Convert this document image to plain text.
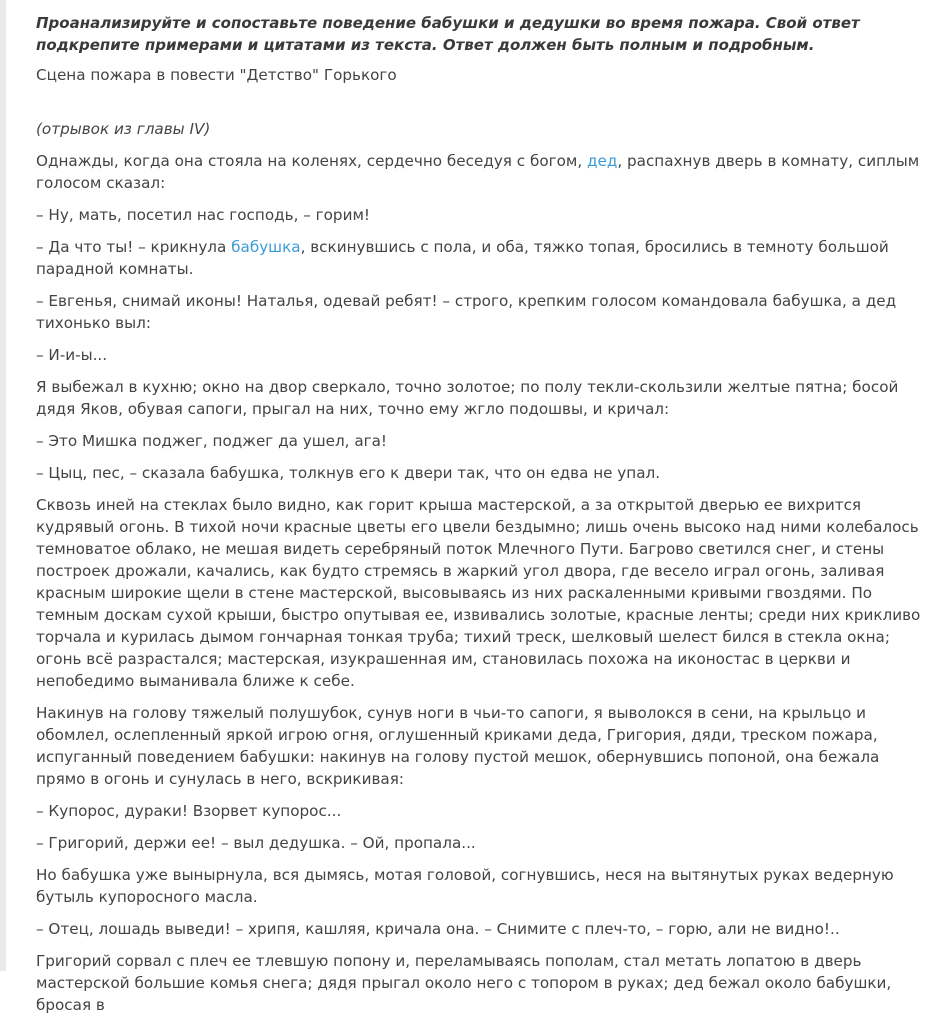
Проанализируйте и сопоставьте поведение бабушки и дедушки во время пожара. Свой ответ подкрепите примерами и цитатами из текста. Ответ должен быть полным и подробным.

Сцена пожара в повести "Детство" Горького

(отрывок из главы IV)

Однажды, когда она стояла на коленях, сердечно беседуя с богом, дед, распахнув дверь в комнату, сиплым голосом сказал:

– Ну, мать, посетил нас господь, – горим!

– Да что ты! – крикнула бабушка, вскинувшись с пола, и оба, тяжко топая, бросились в темноту большой парадной комнаты.

– Евгенья, снимай иконы! Наталья, одевай ребят! – строго, крепким голосом командовала бабушка, а дед тихонько выл:

– И-и-ы...

Я выбежал в кухню; окно на двор сверкало, точно золотое; по полу текли-скользили желтые пятна; босой дядя Яков, обувая сапоги, прыгал на них, точно ему жгло подошвы, и кричал:

– Это Мишка поджег, поджег да ушел, ага!

– Цыц, пес, – сказала бабушка, толкнув его к двери так, что он едва не упал.

Сквозь иней на стеклах было видно, как горит крыша мастерской, а за открытой дверью ее вихрится кудрявый огонь. В тихой ночи красные цветы его цвели бездымно; лишь очень высоко над ними колебалось темноватое облако, не мешая видеть серебряный поток Млечного Пути. Багрово светился снег, и стены построек дрожали, качались, как будто стремясь в жаркий угол двора, где весело играл огонь, заливая красным широкие щели в стене мастерской, высовываясь из них раскаленными кривыми гвоздями. По темным доскам сухой крыши, быстро опутывая ее, извивались золотые, красные ленты; среди них крикливо торчала и курилась дымом гончарная тонкая труба; тихий треск, шелковый шелест бился в стекла окна; огонь всё разрастался; мастерская, изукрашенная им, становилась похожа на иконостас в церкви и непобедимо выманивала ближе к себе.

Накинув на голову тяжелый полушубок, сунув ноги в чьи-то сапоги, я выволокся в сени, на крыльцо и обомлел, ослепленный яркой игрою огня, оглушенный криками деда, Григория, дяди, треском пожара, испуганный поведением бабушки: накинув на голову пустой мешок, обернувшись попоной, она бежала прямо в огонь и сунулась в него, вскрикивая:

– Купорос, дураки! Взорвет купорос...

– Григорий, держи ее! – выл дедушка. – Ой, пропала...

Но бабушка уже вынырнула, вся дымясь, мотая головой, согнувшись, неся на вытянутых руках ведерную бутыль купоросного масла.

– Отец, лошадь выведи! – хрипя, кашляя, кричала она. – Снимите с плеч-то, – горю, али не видно!..

Григорий сорвал с плеч ее тлевшую попону и, переламываясь пополам, стал метать лопатою в дверь мастерской большие комья снега; дядя прыгал около него с топором в руках; дед бежал около бабушки, бросая в
